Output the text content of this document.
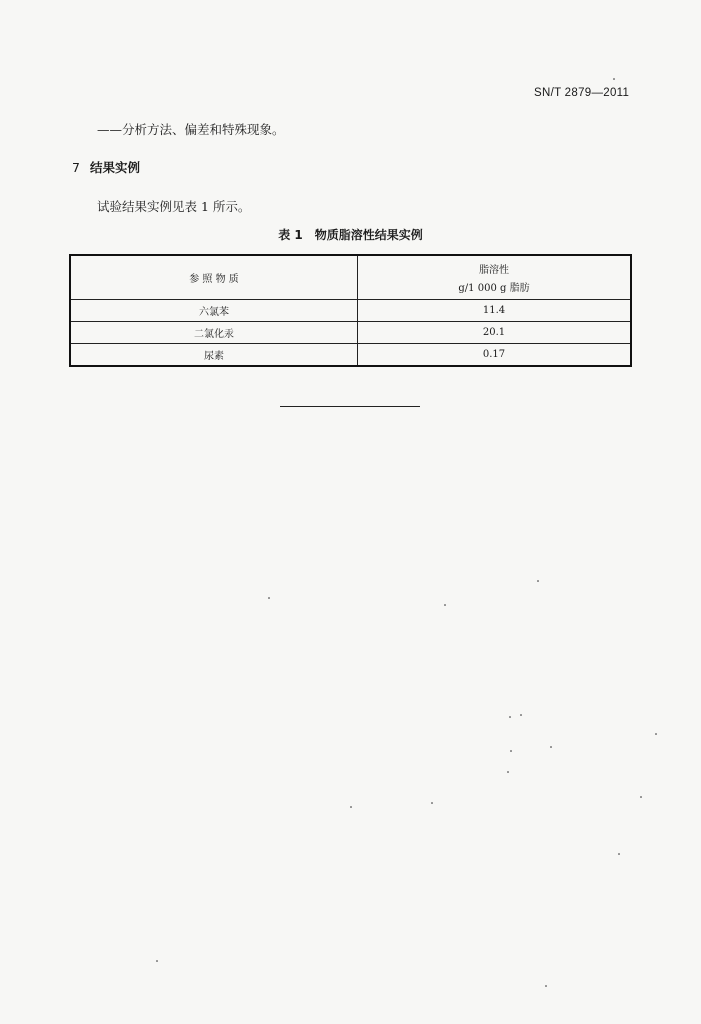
SN/T 2879—2011
——分析方法、偏差和特殊现象。
7 结果实例
试验结果实例见表 1 所示。
表 1 物质脂溶性结果实例
参 照 物 质	脂溶性
g/1 000 g 脂肪

六氯苯	11.4
二氯化汞	20.1
尿素	0.17
